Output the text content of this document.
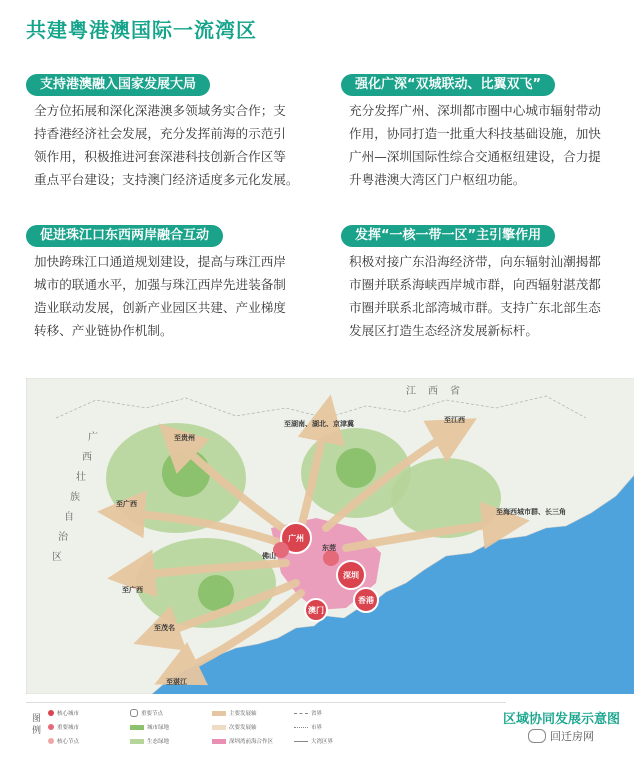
共建粤港澳国际一流湾区
支持港澳融入国家发展大局
全方位拓展和深化深港澳多领域务实合作；支
持香港经济社会发展，充分发挥前海的示范引
领作用，积极推进河套深港科技创新合作区等
重点平台建设；支持澳门经济适度多元化发展。
强化广深“双城联动、比翼双飞”
充分发挥广州、深圳都市圈中心城市辐射带动
作用，协同打造一批重大科技基础设施，加快
广州—深圳国际性综合交通枢纽建设，合力提
升粤港澳大湾区门户枢纽功能。
促进珠江口东西两岸融合互动
加快跨珠江口通道规划建设，提高与珠江西岸
城市的联通水平，加强与珠江西岸先进装备制
造业联动发展，创新产业园区共建、产业梯度
转移、产业链协作机制。
发挥“一核一带一区”主引擎作用
积极对接广东沿海经济带，向东辐射汕潮揭都
市圈并联系海峡西岸城市群，向西辐射湛茂都
市圈并联系北部湾城市群。支持广东北部生态
发展区打造生态经济发展新标杆。
广州
深圳
香港
澳门
东莞
佛山
至贵州
至湖南、湖北、京津冀	至江西
至海西城市群、长三角
至广西
至广西
至茂名
至湛江
江 西 省
广
西
壮
族
自
治
区
图例
核心城市
重要城市
核心节点
重要节点
城市绿地
生态绿地
主要发展轴
次要发展轴
深圳湾前海合作区
省界
市界
大湾区界
区域协同发展示意图
回迁房网
